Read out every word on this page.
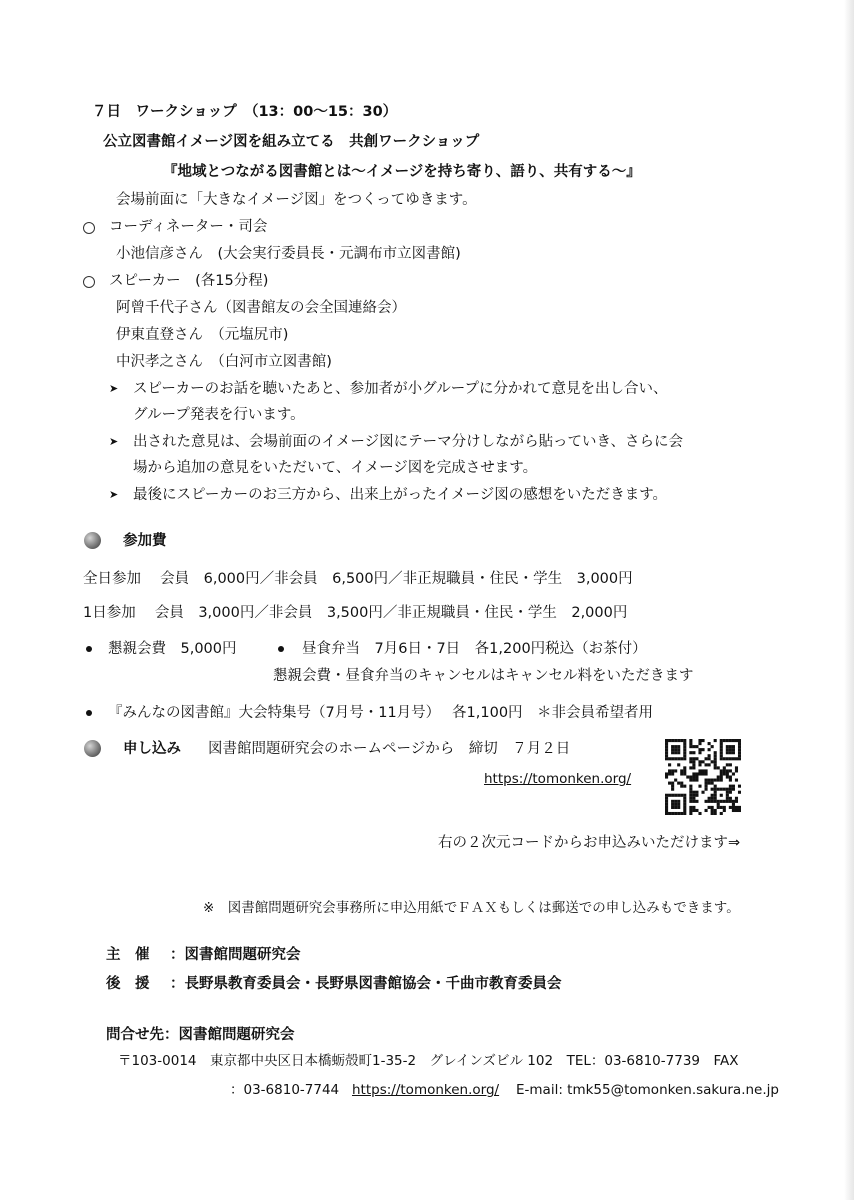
７日　ワークショップ　（13：00～15：30）
公立図書館イメージ図を組み立てる　共創ワークショップ
『地域とつながる図書館とは～イメージを持ち寄り、語り、共有する～』
会場前面に「大きなイメージ図」をつくってゆきます。
コーディネーター・司会
小池信彦さん　(大会実行委員長・元調布市立図書館)
スピーカー　(各15分程)
阿曾千代子さん（図書館友の会全国連絡会）
伊東直登さん　（元塩尻市)
中沢孝之さん　（白河市立図書館)
➤ スピーカーのお話を聴いたあと、参加者が小グループに分かれて意見を出し合い、
グループ発表を行います。
➤ 出された意見は、会場前面のイメージ図にテーマ分けしながら貼っていき、さらに会
場から追加の意見をいただいて、イメージ図を完成させます。
➤ 最後にスピーカーのお三方から、出来上がったイメージ図の感想をいただきます。
参加費
全日参加　 会員　6,000円／非会員　6,500円／非正規職員・住民・学生　3,000円
1日参加　 会員　3,000円／非会員　3,500円／非正規職員・住民・学生　2,000円
懇親会費　5,000円	昼食弁当　7月6日・7日　各1,200円税込（お茶付）
懇親会費・昼食弁当のキャンセルはキャンセル料をいただきます
『みんなの図書館』大会特集号（7月号・11月号）　 各1,100円　＊非会員希望者用
申し込み 図書館問題研究会のホームページから　締切　７月２日
https://tomonken.org/
右の２次元コードからお申込みいただけます⇒
※　図書館問題研究会事務所に申込用紙でＦＡＸもしくは郵送での申し込みもできます。
主　催 ：図書館問題研究会
後　援 ：長野県教育委員会・長野県図書館協会・千曲市教育委員会
問合せ先：図書館問題研究会
〒103-0014　東京都中央区日本橋蛎殻町1-35-2　グレインズビル 102　TEL：03-6810-7739　FAX
：03-6810-7744 https://tomonken.org/ E-mail: tmk55@tomonken.sakura.ne.jp
